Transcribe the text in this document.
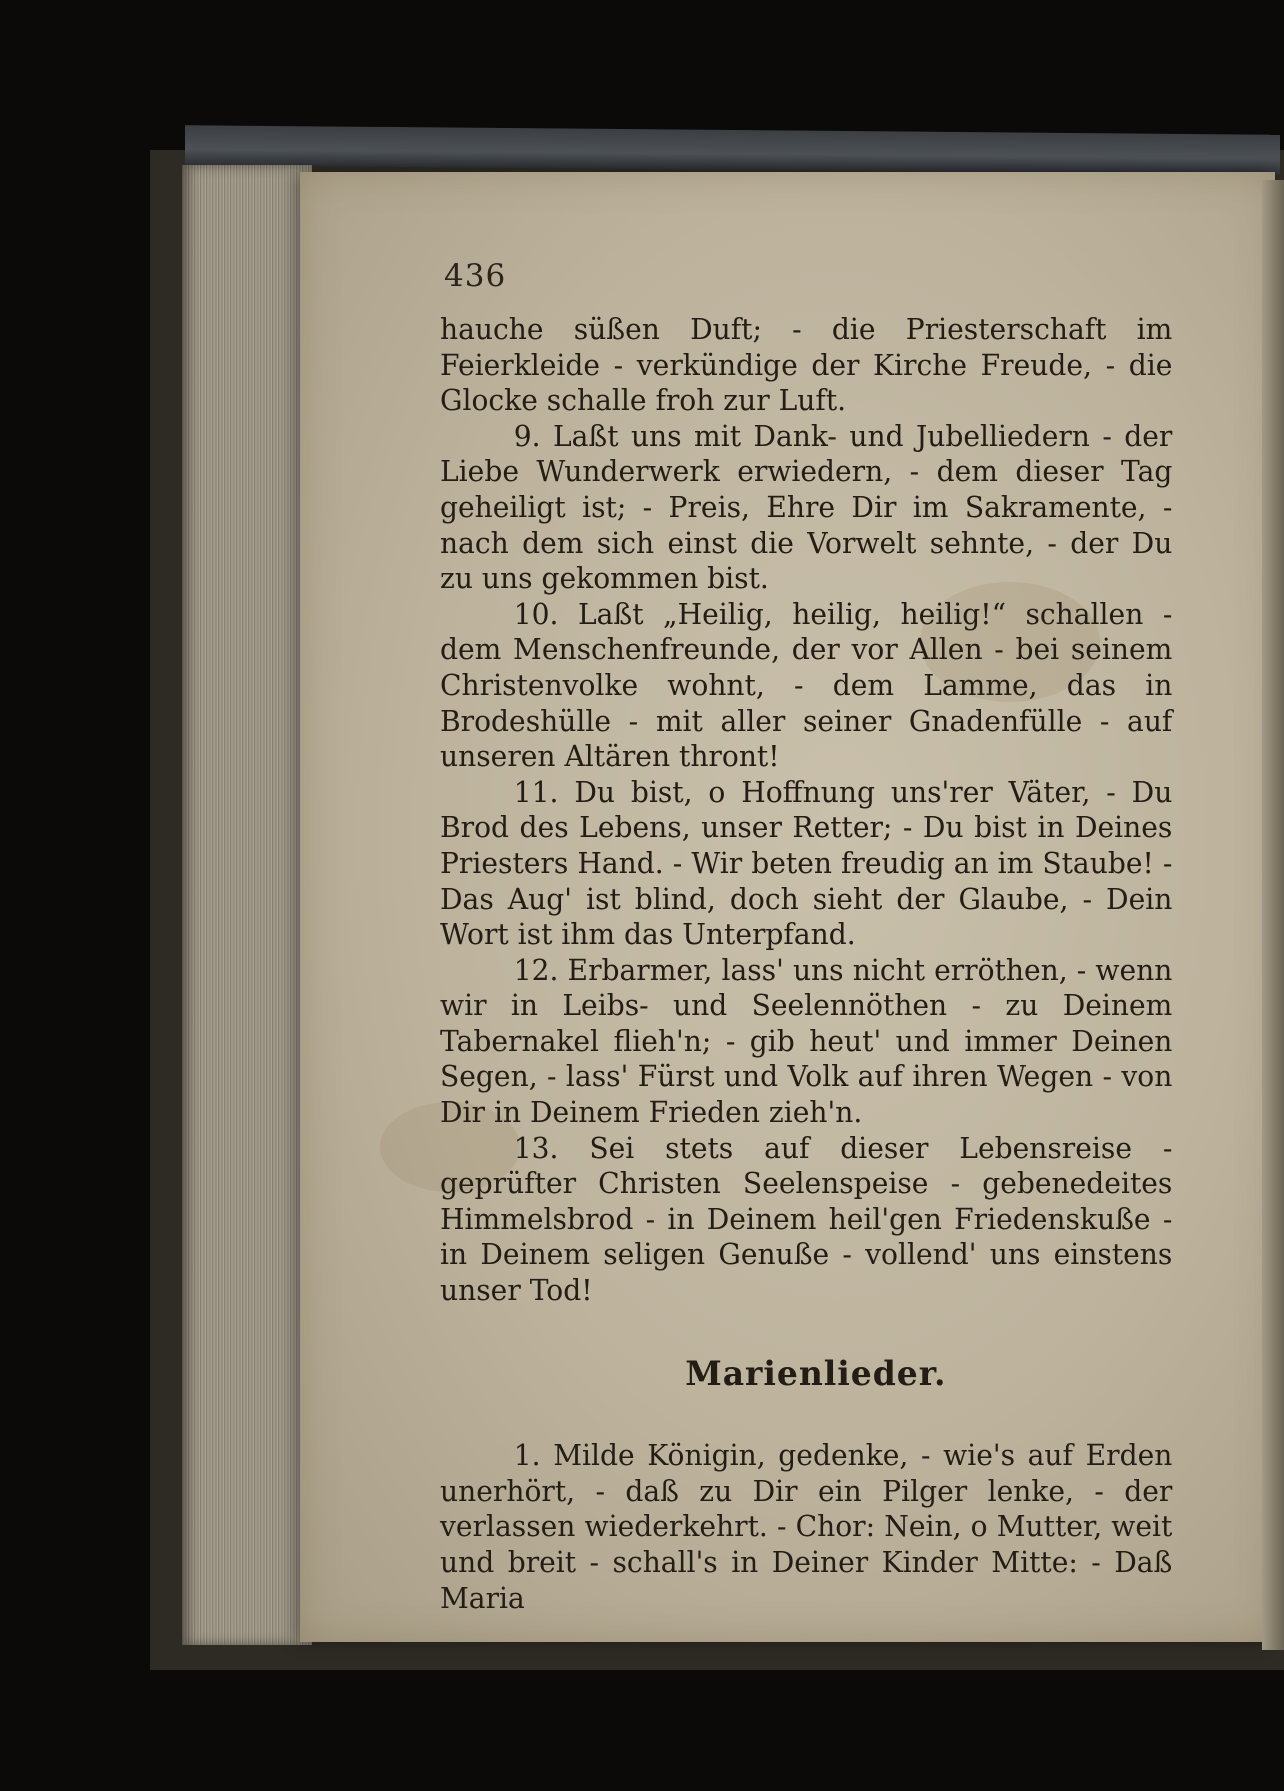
436

hauche süßen Duft; - die Priesterschaft im Feierkleide - verkündige der Kirche Freude, - die Glocke schalle froh zur Luft.

9. Laßt uns mit Dank- und Jubelliedern - der Liebe Wunderwerk erwiedern, - dem dieser Tag geheiligt ist; - Preis, Ehre Dir im Sakramente, - nach dem sich einst die Vorwelt sehnte, - der Du zu uns gekommen bist.

10. Laßt „Heilig, heilig, heilig!“ schallen - dem Menschenfreunde, der vor Allen - bei seinem Christenvolke wohnt, - dem Lamme, das in Brodeshülle - mit aller seiner Gnadenfülle - auf unseren Altären thront!

11. Du bist, o Hoffnung uns'rer Väter, - Du Brod des Lebens, unser Retter; - Du bist in Deines Priesters Hand. - Wir beten freudig an im Staube! - Das Aug' ist blind, doch sieht der Glaube, - Dein Wort ist ihm das Unterpfand.

12. Erbarmer, lass' uns nicht erröthen, - wenn wir in Leibs- und Seelennöthen - zu Deinem Tabernakel flieh'n; - gib heut' und immer Deinen Segen, - lass' Fürst und Volk auf ihren Wegen - von Dir in Deinem Frieden zieh'n.

13. Sei stets auf dieser Lebensreise - geprüfter Christen Seelenspeise - gebenedeites Himmelsbrod - in Deinem heil'gen Friedenskuße - in Deinem seligen Genuße - vollend' uns einstens unser Tod!

Marienlieder.

1. Milde Königin, gedenke, - wie's auf Erden unerhört, - daß zu Dir ein Pilger lenke, - der verlassen wiederkehrt. - Chor: Nein, o Mutter, weit und breit - schall's in Deiner Kinder Mitte: - Daß Maria
